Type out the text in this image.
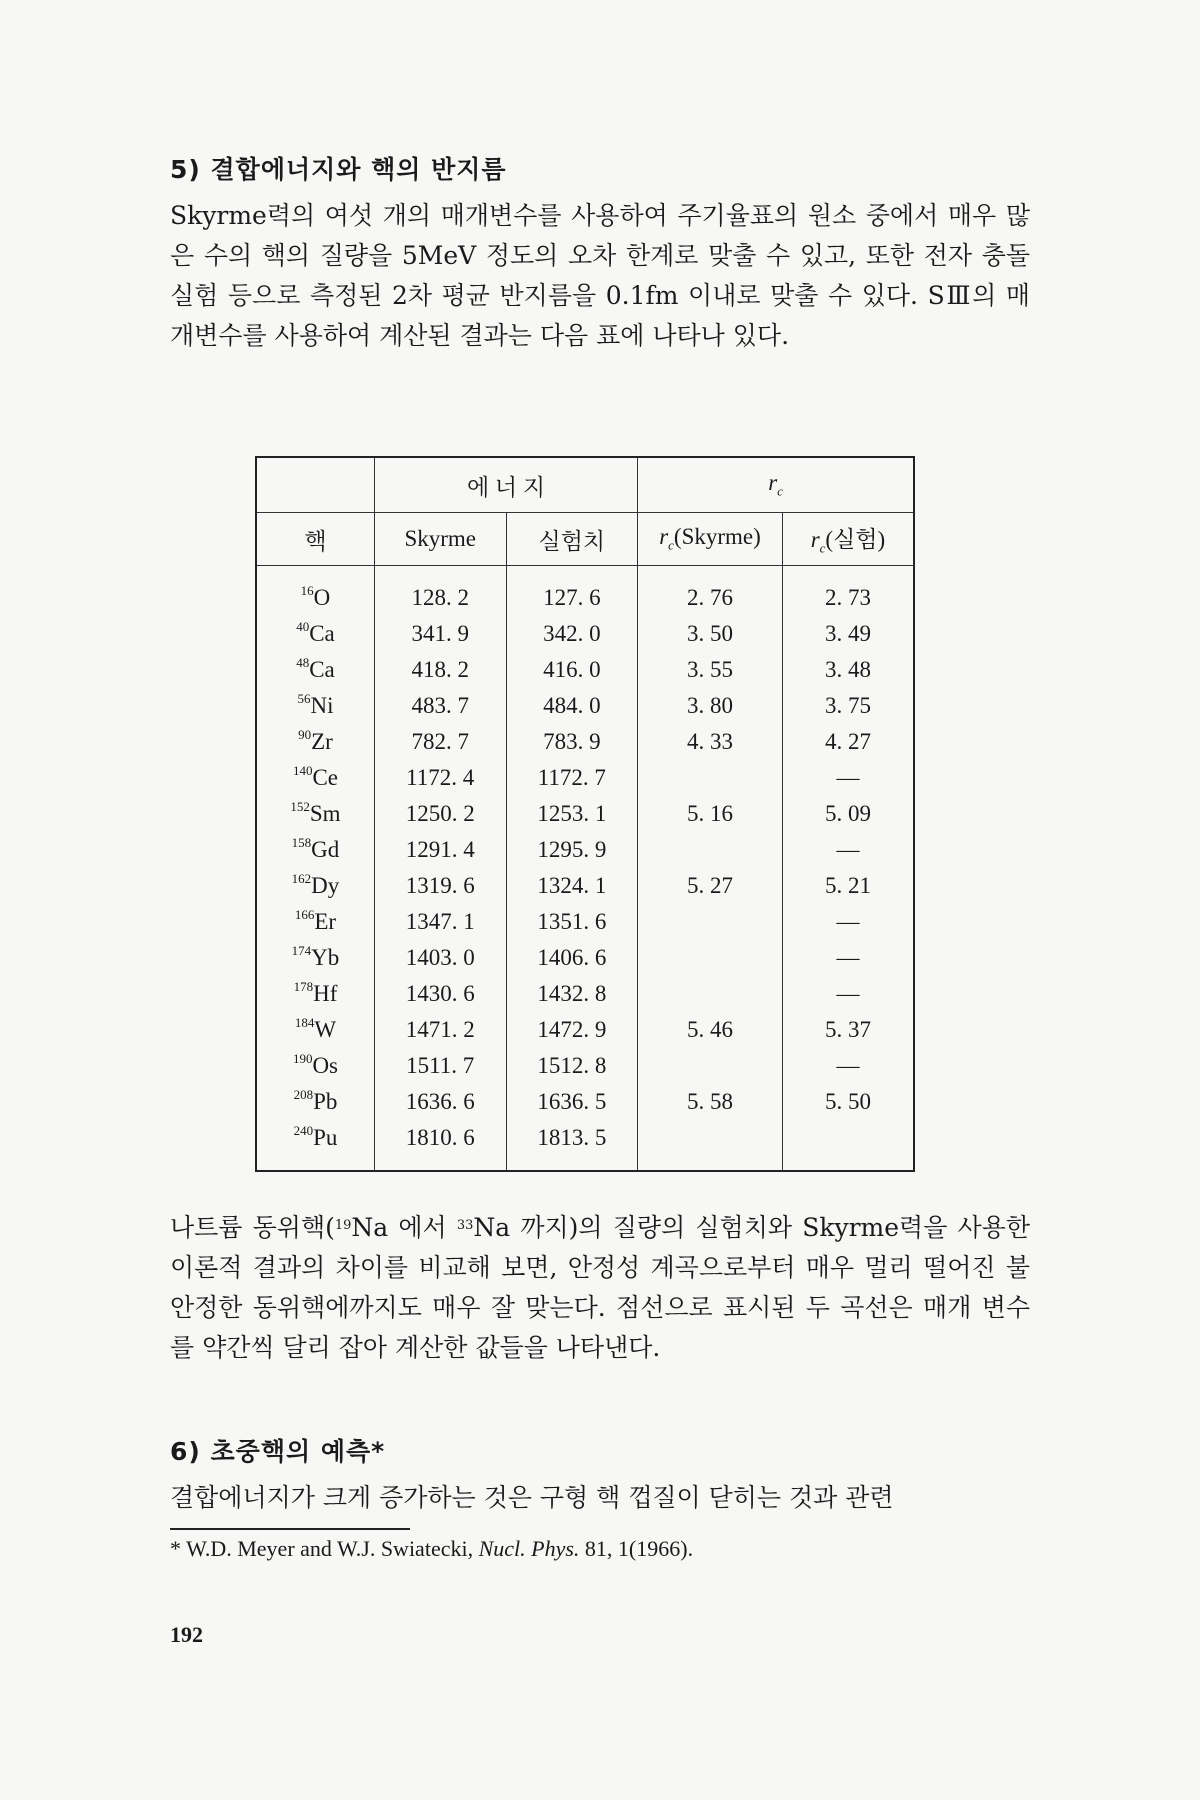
5) 결합에너지와 핵의 반지름

Skyrme력의 여섯 개의 매개변수를 사용하여 주기율표의 원소 중에서 매우 많은 수의 핵의 질량을 5MeV 정도의 오차 한계로 맞출 수 있고, 또한 전자 충돌실험 등으로 측정된 2차 평균 반지름을 0.1fm 이내로 맞출 수 있다. SⅢ의 매개변수를 사용하여 계산된 결과는 다음 표에 나타나 있다.

	에 너 지		$r_c$
핵	Skyrme	실험치	$r_c(Skyrme)$	$r_c$(실험)
$^{16}$O	128. 2	127. 6	2. 76	2. 73
$^{40}$Ca	341. 9	342. 0	3. 50	3. 49
$^{48}$Ca	418. 2	416. 0	3. 55	3. 48
$^{56}$Ni	483. 7	484. 0	3. 80	3. 75
$^{90}$Zr	782. 7	783. 9	4. 33	4. 27
$^{140}$Ce	1172. 4	1172. 7		—
$^{152}$Sm	1250. 2	1253. 1	5. 16	5. 09
$^{158}$Gd	1291. 4	1295. 9		—
$^{162}$Dy	1319. 6	1324. 1	5. 27	5. 21
$^{166}$Er	1347. 1	1351. 6		—
$^{174}$Yb	1403. 0	1406. 6		—
$^{178}$Hf	1430. 6	1432. 8		—
$^{184}$W	1471. 2	1472. 9	5. 46	5. 37
$^{190}$Os	1511. 7	1512. 8		—
$^{208}$Pb	1636. 6	1636. 5	5. 58	5. 50
$^{240}$Pu	1810. 6	1813. 5		

나트륨 동위핵($^{19}$Na 에서 $^{33}$Na 까지)의 질량의 실험치와 Skyrme력을 사용한 이론적 결과의 차이를 비교해 보면, 안정성 계곡으로부터 매우 멀리 떨어진 불안정한 동위핵에까지도 매우 잘 맞는다. 점선으로 표시된 두 곡선은 매개 변수를 약간씩 달리 잡아 계산한 값들을 나타낸다.

6) 초중핵의 예측*

결합에너지가 크게 증가하는 것은 구형 핵 껍질이 닫히는 것과 관련

* W.D. Meyer and W.J. Swiatecki, Nucl. Phys. 81, 1(1966).
192
